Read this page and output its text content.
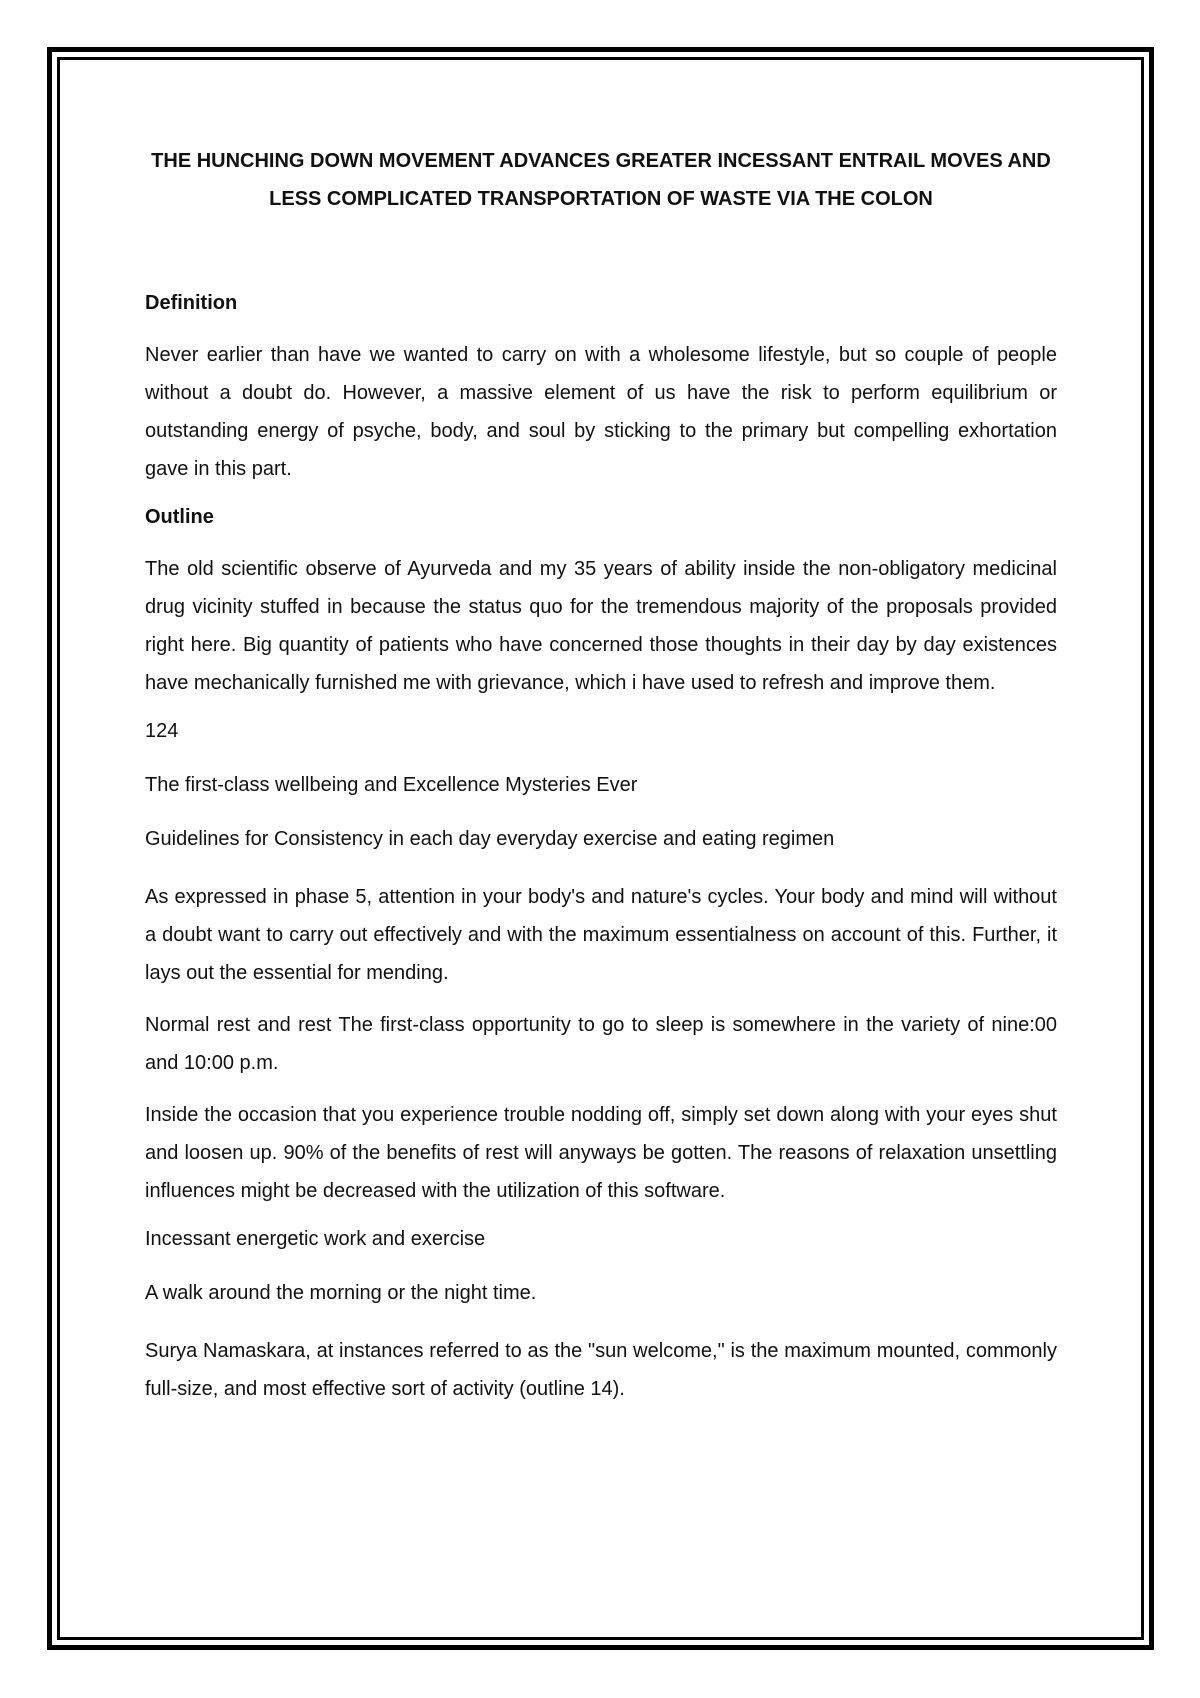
THE HUNCHING DOWN MOVEMENT ADVANCES GREATER INCESSANT ENTRAIL MOVES AND LESS COMPLICATED TRANSPORTATION OF WASTE VIA THE COLON
Definition
Never earlier than have we wanted to carry on with a wholesome lifestyle, but so couple of people without a doubt do. However, a massive element of us have the risk to perform equilibrium or outstanding energy of psyche, body, and soul by sticking to the primary but compelling exhortation gave in this part.
Outline
The old scientific observe of Ayurveda and my 35 years of ability inside the non-obligatory medicinal drug vicinity stuffed in because the status quo for the tremendous majority of the proposals provided right here. Big quantity of patients who have concerned those thoughts in their day by day existences have mechanically furnished me with grievance, which i have used to refresh and improve them.
124
The first-class wellbeing and Excellence Mysteries Ever
Guidelines for Consistency in each day everyday exercise and eating regimen
As expressed in phase 5, attention in your body's and nature's cycles. Your body and mind will without a doubt want to carry out effectively and with the maximum essentialness on account of this. Further, it lays out the essential for mending.
Normal rest and rest The first-class opportunity to go to sleep is somewhere in the variety of nine:00 and 10:00 p.m.
Inside the occasion that you experience trouble nodding off, simply set down along with your eyes shut and loosen up. 90% of the benefits of rest will anyways be gotten. The reasons of relaxation unsettling influences might be decreased with the utilization of this software.
Incessant energetic work and exercise
A walk around the morning or the night time.
Surya Namaskara, at instances referred to as the "sun welcome," is the maximum mounted, commonly full-size, and most effective sort of activity (outline 14).
